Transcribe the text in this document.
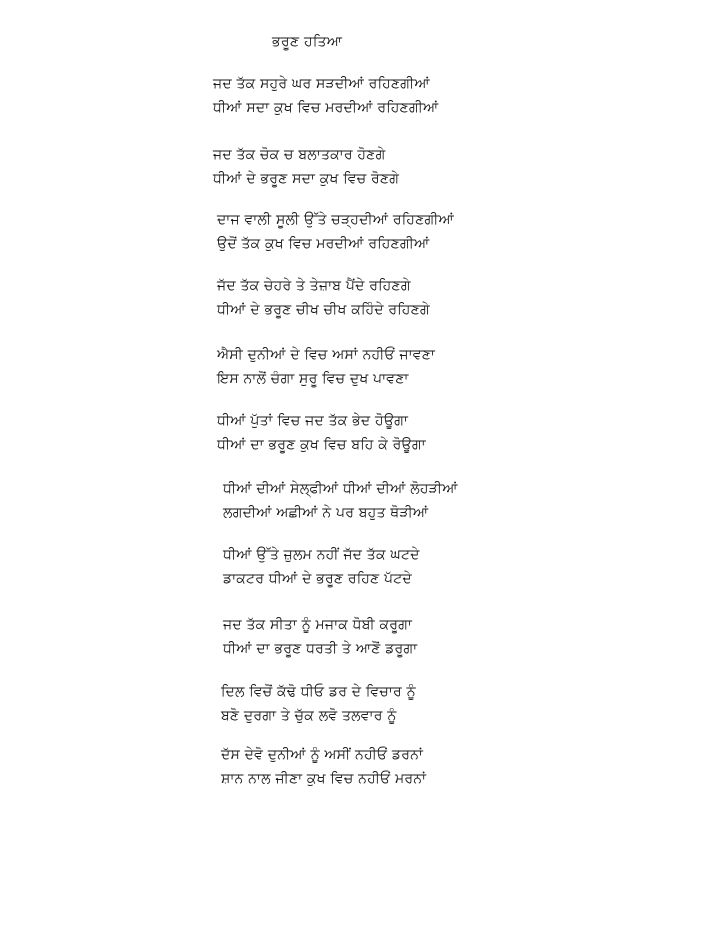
ਭਰੂਣ ਹਤਿਆ
ਜਦ ਤੱਕ ਸਹੁਰੇ ਘਰ ਸੜਦੀਆਂ ਰਹਿਣਗੀਆਂ
ਧੀਆਂ ਸਦਾ ਕੁਖ ਵਿਚ ਮਰਦੀਆਂ ਰਹਿਣਗੀਆਂ
ਜਦ ਤੱਕ ਚੋਕ ਚ ਬਲਾਤਕਾਰ ਹੋਣਗੇ
ਧੀਆਂ ਦੇ ਭਰੂਣ ਸਦਾ ਕੁਖ ਵਿਚ ਰੋਣਗੇ
ਦਾਜ ਵਾਲੀ ਸੂਲੀ ਉੱਤੇ ਚੜ੍ਹਦੀਆਂ ਰਹਿਣਗੀਆਂ
ਉਦੋਂ ਤੱਕ ਕੁਖ ਵਿਚ ਮਰਦੀਆਂ ਰਹਿਣਗੀਆਂ
ਜੱਦ ਤੱਕ ਚੇਹਰੇ ਤੇ ਤੇਜ਼ਾਬ ਪੈਂਦੇ ਰਹਿਣਗੇ
ਧੀਆਂ ਦੇ ਭਰੂਣ ਚੀਖ ਚੀਖ ਕਹਿੰਦੇ ਰਹਿਣਗੇ
ਐਸੀ ਦੁਨੀਆਂ ਦੇ ਵਿਚ ਅਸਾਂ ਨਹੀਓਂ ਜਾਵਣਾ
ਇਸ ਨਾਲੋਂ ਚੰਗਾ ਸੁਰੂ ਵਿਚ ਦੁਖ ਪਾਵਣਾ
ਧੀਆਂ ਪੁੱਤਾਂ ਵਿਚ ਜਦ ਤੱਕ ਭੇਦ ਹੋਊਗਾ
ਧੀਆਂ ਦਾ ਭਰੂਣ ਕੁਖ ਵਿਚ ਬਹਿ ਕੇ ਰੋਊਗਾ
ਧੀਆਂ ਦੀਆਂ ਸੇਲ੍ਫੀਆਂ ਧੀਆਂ ਦੀਆਂ ਲੋਹੜੀਆਂ
ਲਗਦੀਆਂ ਅਛੀਆਂ ਨੇ ਪਰ ਬਹੁਤ ਥੋੜੀਆਂ
ਧੀਆਂ ਉੱਤੇ ਜ਼ੁਲਮ ਨਹੀਂ ਜੱਦ ਤੱਕ ਘਟਦੇ
ਡਾਕਟਰ ਧੀਆਂ ਦੇ ਭਰੂਣ ਰਹਿਣ ਪੱਟਦੇ
ਜਦ ਤੱਕ ਸੀਤਾ ਨੂੰ ਮਜਾਕ ਧੋਬੀ ਕਰੂਗਾ
ਧੀਆਂ ਦਾ ਭਰੂਣ ਧਰਤੀ ਤੇ ਆਣੋਂ ਡਰੂਗਾ
ਦਿਲ ਵਿਚੋਂ ਕੱਢੋ ਧੀਓ ਡਰ ਦੇ ਵਿਚਾਰ ਨੂੰ
ਬਣੋ ਦੁਰਗਾ ਤੇ ਚੁੱਕ ਲਵੋ ਤਲਵਾਰ ਨੂੰ
ਦੱਸ ਦੇਵੋ ਦੁਨੀਆਂ ਨੂੰ ਅਸੀਂ ਨਹੀਓਂ ਡਰਨਾਂ
ਸ਼ਾਨ ਨਾਲ ਜੀਣਾ ਕੁਖ ਵਿਚ ਨਹੀਓਂ ਮਰਨਾਂ
